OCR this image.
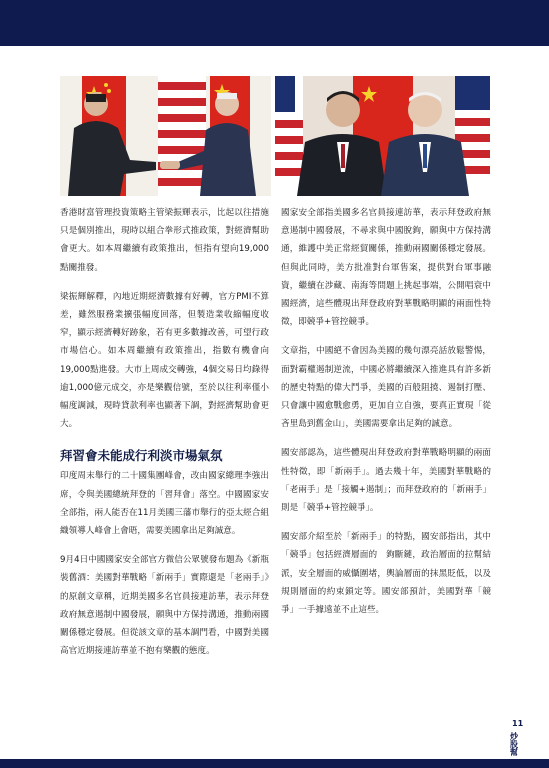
香港財富管理投資策略主管梁振輝表示，比起以往措施只是個別推出，現時以組合拳形式推政策，對經濟幫助會更大。如本周繼續有政策推出，恒指有望向19,000點關推發。

梁振輝解釋，內地近期經濟數據有好轉，官方PMI不算差，雖然服務業擴張幅度回落，但製造業收縮幅度收窄，顯示經濟轉好跡象，若有更多數據改善，可望行政市場信心。如本周繼續有政策推出，指數有機會向19,000點進發。大市上周成交轉強，4個交易日均錄得逾1,000億元成交，亦是樂觀信號，至於以往利率僅小幅度調減，現時貸款利率也顯著下調，對經濟幫助會更大。

拜習會未能成行利淡市場氣氛

印度周末舉行的二十國集團峰會，改由國家總理李強出席，令與美國總統拜登的「習拜會」落空。中國國家安全部指，兩人能否在11月美國三藩市舉行的亞太經合組織領導人峰會上會晤，需要美國拿出足夠誠意。

9月4日中國國家安全部官方微信公眾號發布題為《新瓶裝舊酒：美國對華戰略「新兩手」實際還是「老兩手」》的原創文章稱，近期美國多名官員接連訪華，表示拜登政府無意遏制中國發展，願與中方保持溝通，推動兩國關係穩定發展。但從該文章的基本調門看，中國對美國高官近期接連訪華並不抱有樂觀的態度。

國家安全部指美國多名官員接連訪華，表示拜登政府無意遏制中國發展，不尋求與中國脫鉤，願與中方保持溝通，維護中美正常經貿關係，推動兩國關係穩定發展。但與此同時，美方批准對台軍售案，提供對台軍事融資，繼續在涉藏、南海等問題上挑起事端，公開唱衰中國經濟，這些體現出拜登政府對華戰略明顯的兩面性特徵，即競爭+管控競爭。

文章指，中國絕不會因為美國的幾句漂亮話放鬆警惕，面對霸權遏制逆流，中國必將繼續深入推進具有許多新的歷史特點的偉大鬥爭，美國的百般阻撓、遏制打壓、只會讓中國愈戰愈勇，更加自立自強，要真正實現「從吝里島到舊金山」，美國需要拿出足夠的誠意。

國安部認為，這些體現出拜登政府對華戰略明顯的兩面性特徵，即「新兩手」。過去幾十年，美國對華戰略的「老兩手」是「接觸+遏制」；而拜登政府的「新兩手」則是「競爭+管控競爭」。

國安部介紹至於「新兩手」的特點，國安部指出，其中「競爭」包括經濟層面的　鉤斷鏈，政治層面的拉幫結派，安全層面的威懾圍堵，輿論層面的抹黑貶低，以及規則層面的約束鎖定等。國安部預計，美國對華「競爭」一手據遠並不止這些。

11
炒股幫
